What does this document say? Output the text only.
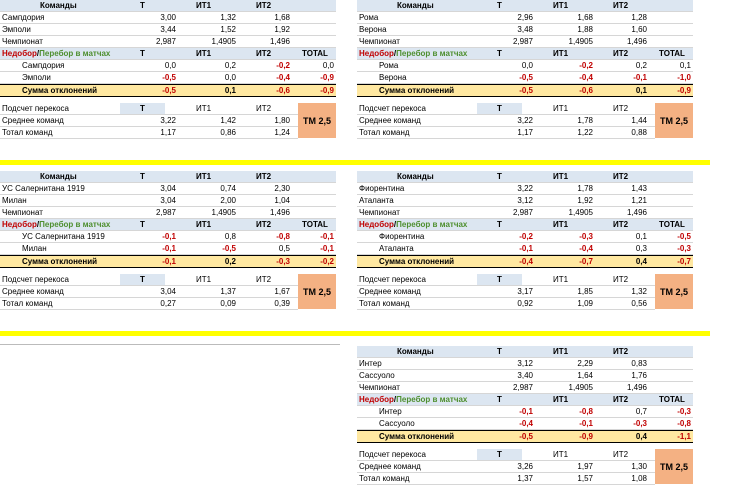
Команды	Т	ИТ1	ИТ2
Сампдория	3,00	1,32	1,68
Эмполи	3,44	1,52	1,92
Чемпионат	2,987	1,4905	1,496
Недобор/Перебор в матчах	Т	ИТ1	ИТ2	TOTAL
Сампдория	0,0	0,2	-0,2	0,0
Эмполи	-0,5	0,0	-0,4	-0,9
Сумма отклонений	-0,5	0,1	-0,6	-0,9
Подсчет перекоса	Т	ИТ1	ИТ2
Среднее команд	3,22	1,42	1,80
Тотал команд	1,17	0,86	1,24
ТМ 2,5
Команды	Т	ИТ1	ИТ2
Рома	2,96	1,68	1,28
Верона	3,48	1,88	1,60
Чемпионат	2,987	1,4905	1,496
Недобор/Перебор в матчах	Т	ИТ1	ИТ2	TOTAL
Рома	0,0	-0,2	0,2	0,1
Верона	-0,5	-0,4	-0,1	-1,0
Сумма отклонений	-0,5	-0,6	0,1	-0,9
Подсчет перекоса	Т	ИТ1	ИТ2
Среднее команд	3,22	1,78	1,44
Тотал команд	1,17	1,22	0,88
ТМ 2,5
Команды	Т	ИТ1	ИТ2
УС Салернитана 1919	3,04	0,74	2,30
Милан	3,04	2,00	1,04
Чемпионат	2,987	1,4905	1,496
Недобор/Перебор в матчах	Т	ИТ1	ИТ2	TOTAL
УС Салернитана 1919	-0,1	0,8	-0,8	-0,1
Милан	-0,1	-0,5	0,5	-0,1
Сумма отклонений	-0,1	0,2	-0,3	-0,2
Подсчет перекоса	Т	ИТ1	ИТ2
Среднее команд	3,04	1,37	1,67
Тотал команд	0,27	0,09	0,39
ТМ 2,5
Команды	Т	ИТ1	ИТ2
Фиорентина	3,22	1,78	1,43
Аталанта	3,12	1,92	1,21
Чемпионат	2,987	1,4905	1,496
Недобор/Перебор в матчах	Т	ИТ1	ИТ2	TOTAL
Фиорентина	-0,2	-0,3	0,1	-0,5
Аталанта	-0,1	-0,4	0,3	-0,3
Сумма отклонений	-0,4	-0,7	0,4	-0,7
Подсчет перекоса	Т	ИТ1	ИТ2
Среднее команд	3,17	1,85	1,32
Тотал команд	0,92	1,09	0,56
ТМ 2,5
Команды	Т	ИТ1	ИТ2
Интер	3,12	2,29	0,83
Сассуоло	3,40	1,64	1,76
Чемпионат	2,987	1,4905	1,496
Недобор/Перебор в матчах	Т	ИТ1	ИТ2	TOTAL
Интер	-0,1	-0,8	0,7	-0,3
Сассуоло	-0,4	-0,1	-0,3	-0,8
Сумма отклонений	-0,5	-0,9	0,4	-1,1
Подсчет перекоса	Т	ИТ1	ИТ2
Среднее команд	3,26	1,97	1,30
Тотал команд	1,37	1,57	1,08
ТМ 2,5
